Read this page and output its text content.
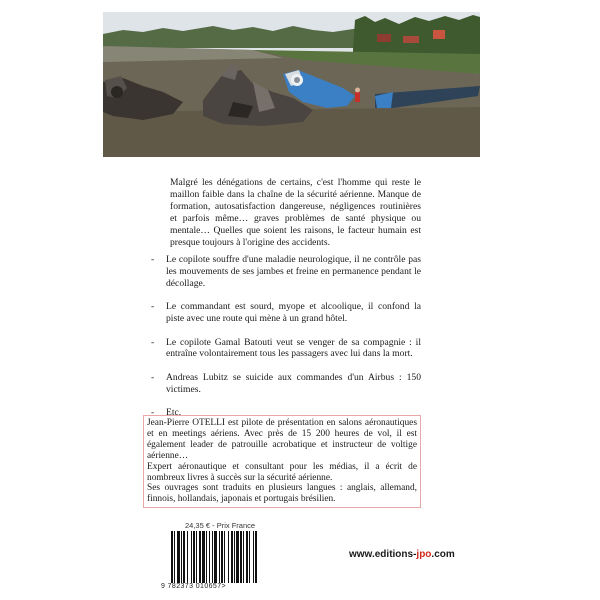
Malgré les dénégations de certains, c'est l'homme qui reste le maillon faible dans la chaîne de la sécurité aérienne. Manque de formation, autosatisfaction dangereuse, négligences routinières et parfois même… graves problèmes de santé physique ou mentale… Quelles que soient les raisons, le facteur humain est presque toujours à l'origine des accidents.

- Le copilote souffre d'une maladie neurologique, il ne contrôle pas les mouvements de ses jambes et freine en permanence pendant le décollage.
- Le commandant est sourd, myope et alcoolique, il confond la piste avec une route qui mène à un grand hôtel.
- Le copilote Gamal Batouti veut se venger de sa compagnie : il entraîne volontairement tous les passagers avec lui dans la mort.
- Andreas Lubitz se suicide aux commandes d'un Airbus : 150 victimes.
- Etc.

Jean-Pierre OTELLI est pilote de présentation en salons aéronautiques et en meetings aériens. Avec près de 15 200 heures de vol, il est également leader de patrouille acrobatique et instructeur de voltige aérienne…

Expert aéronautique et consultant pour les médias, il a écrit de nombreux livres à succès sur la sécurité aérienne.

Ses ouvrages sont traduits en plusieurs langues : anglais, allemand, finnois, hollandais, japonais et portugais brésilien.

24,35 € - Prix France
9 782373 010657>
www.editions-jpo.com
